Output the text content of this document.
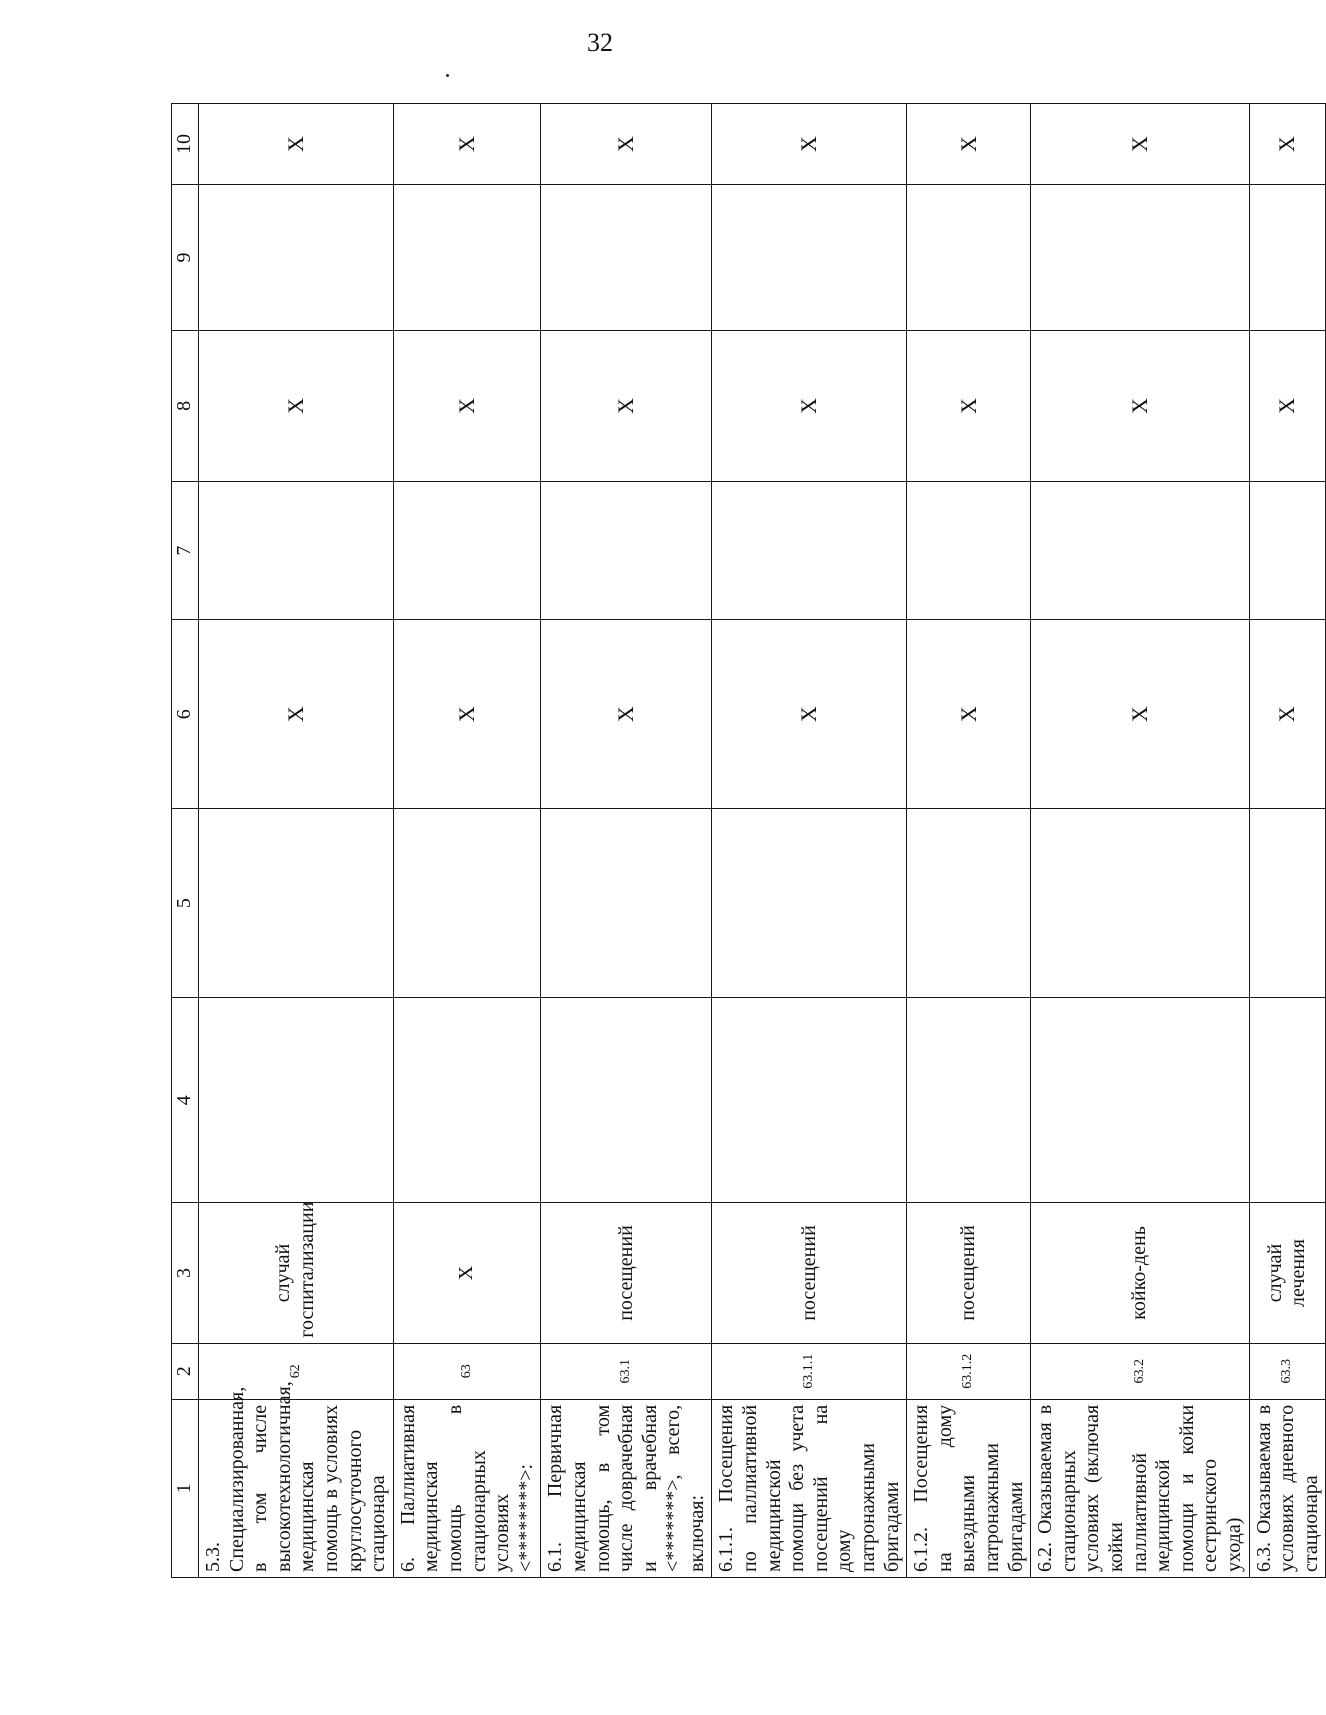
32
1	2	3	4	5	6	7	8	9	10
5.3. Специализированная, в том числе высокотехнологичная, медицинская помощь в условиях круглосуточного стационара	62	случай госпитализации			X		X		X
6. Паллиативная медицинская помощь в стационарных условиях <********>:	63	X			X		X		X
6.1. Первичная медицинская помощь, в том числе доврачебная и врачебная <*******>, всего, включая:	63.1	посещений			X		X		X
6.1.1. Посещения по паллиативной медицинской помощи без учета посещений на дому патронажными бригадами	63.1.1	посещений			X		X		X
6.1.2. Посещения на дому выездными патронажными бригадами	63.1.2	посещений			X		X		X
6.2. Оказываемая в стационарных условиях (включая койки паллиативной медицинской помощи и койки сестринского ухода)	63.2	койко-день			X		X		X
6.3. Оказываемая в условиях дневного стационара	63.3	случай лечения			X		X		X
